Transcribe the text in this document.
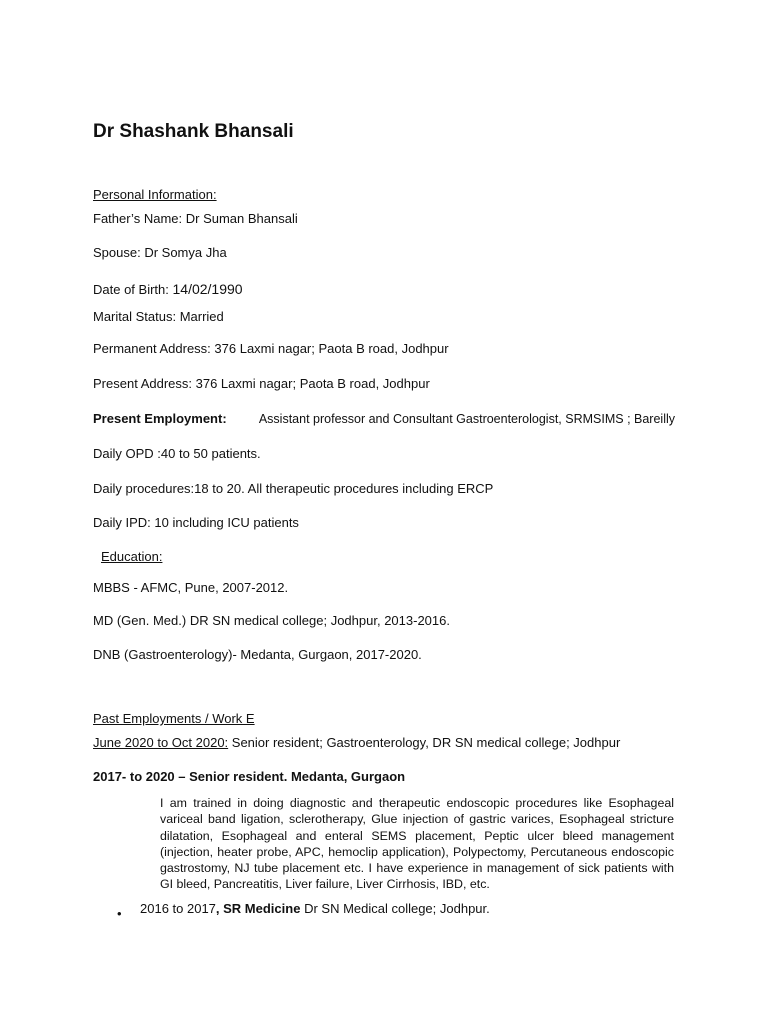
Dr Shashank Bhansali
Personal Information:
Father’s Name: Dr Suman Bhansali
Spouse: Dr Somya Jha
Date of Birth: 14/02/1990
Marital Status: Married
Permanent Address: 376 Laxmi nagar; Paota B road, Jodhpur
Present Address: 376 Laxmi nagar; Paota B road, Jodhpur
Present Employment:	Assistant professor and Consultant Gastroenterologist, SRMSIMS ; Bareilly
Daily OPD :40 to 50 patients.
Daily procedures:18 to 20. All therapeutic procedures including ERCP
Daily IPD: 10 including ICU patients
Education:
MBBS - AFMC, Pune, 2007-2012.
MD (Gen. Med.) DR SN medical college; Jodhpur, 2013-2016.
DNB (Gastroenterology)- Medanta, Gurgaon, 2017-2020.
Past Employments / Work E
June 2020 to Oct 2020: Senior resident; Gastroenterology, DR SN medical college; Jodhpur
2017- to 2020 – Senior resident. Medanta, Gurgaon
I am trained in doing diagnostic and therapeutic endoscopic procedures like Esophageal variceal band ligation, sclerotherapy, Glue injection of gastric varices, Esophageal stricture dilatation, Esophageal and enteral SEMS placement, Peptic ulcer bleed management (injection, heater probe, APC, hemoclip application), Polypectomy, Percutaneous endoscopic gastrostomy, NJ tube placement etc. I have experience in management of sick patients with GI bleed, Pancreatitis, Liver failure, Liver Cirrhosis, IBD, etc.
• 2016 to 2017, SR Medicine Dr SN Medical college; Jodhpur.
